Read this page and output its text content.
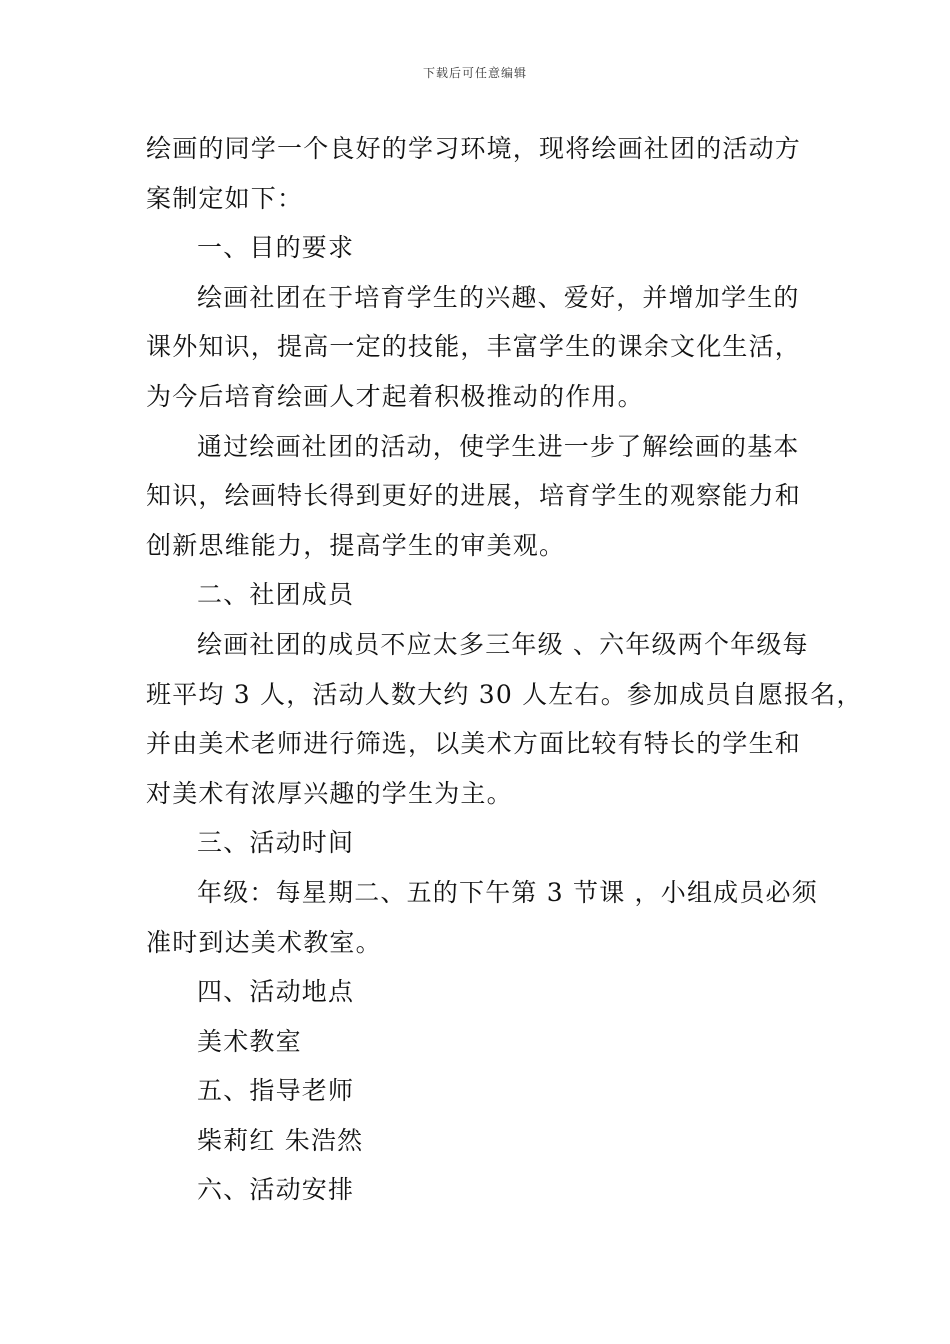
下载后可任意编辑
绘画的同学一个良好的学习环境，现将绘画社团的活动方
案制定如下：
一、目的要求
绘画社团在于培育学生的兴趣、爱好，并增加学生的
课外知识，提高一定的技能，丰富学生的课余文化生活，
为今后培育绘画人才起着积极推动的作用。
通过绘画社团的活动，使学生进一步了解绘画的基本
知识，绘画特长得到更好的进展，培育学生的观察能力和
创新思维能力，提高学生的审美观。
二、社团成员
绘画社团的成员不应太多三年级 、六年级两个年级每
班平均 3 人，活动人数大约 30 人左右。参加成员自愿报名，
并由美术老师进行筛选，以美术方面比较有特长的学生和
对美术有浓厚兴趣的学生为主。
三、活动时间
年级：每星期二、五的下午第 3 节课 ，小组成员必须
准时到达美术教室。
四、活动地点
美术教室
五、指导老师
柴莉红 朱浩然
六、活动安排
